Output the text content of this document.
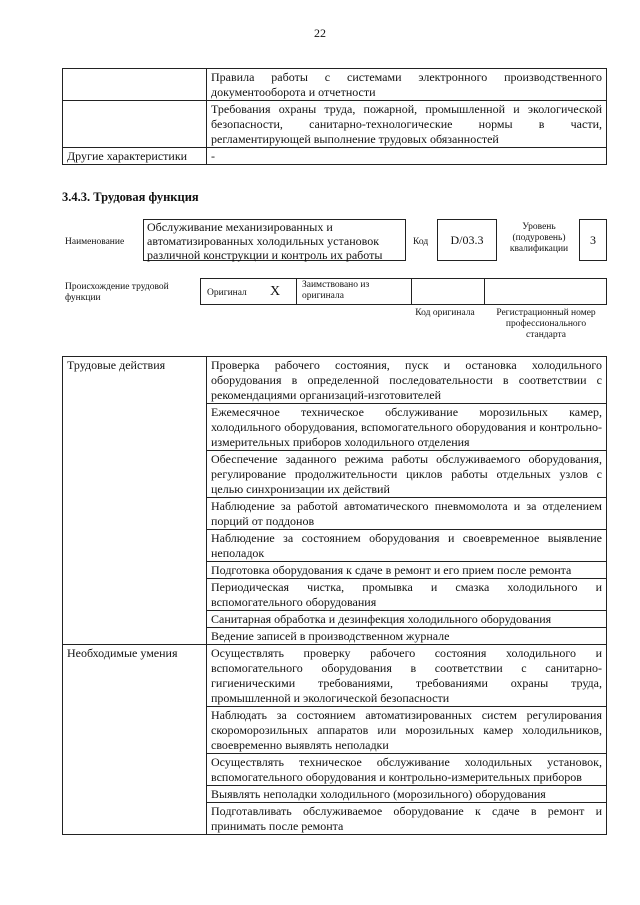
22
	Правила работы с системами электронного производственного документооборота и отчетности
	Требования охраны труда, пожарной, промышленной и экологической безопасности, санитарно-технологические нормы в части, регламентирующей выполнение трудовых обязанностей
Другие характеристики	-
3.4.3. Трудовая функция
Наименование
Обслуживание механизированных и автоматизированных холодильных установок различной конструкции и контроль их работы
Код	D/03.3
Уровень (подуровень) квалификации
3
Происхождение трудовой функции	Оригинал X Заимствовано из оригинала
Код оригинала	Регистрационный номер профессионального стандарта
Трудовые действия	Проверка рабочего состояния, пуск и остановка холодильного оборудования в определенной последовательности в соответствии с рекомендациями организаций-изготовителей
	Ежемесячное техническое обслуживание морозильных камер, холодильного оборудования, вспомогательного оборудования и контрольно-измерительных приборов холодильного отделения
	Обеспечение заданного режима работы обслуживаемого оборудования, регулирование продолжительности циклов работы отдельных узлов с целью синхронизации их действий
	Наблюдение за работой автоматического пневмомолота и за отделением порций от поддонов
	Наблюдение за состоянием оборудования и своевременное выявление неполадок
	Подготовка оборудования к сдаче в ремонт и его прием после ремонта
	Периодическая чистка, промывка и смазка холодильного и вспомогательного оборудования
	Санитарная обработка и дезинфекция холодильного оборудования
	Ведение записей в производственном журнале
Необходимые умения	Осуществлять проверку рабочего состояния холодильного и вспомогательного оборудования в соответствии с санитарно-гигиеническими требованиями, требованиями охраны труда, промышленной и экологической безопасности
	Наблюдать за состоянием автоматизированных систем регулирования скороморозильных аппаратов или морозильных камер холодильников, своевременно выявлять неполадки
	Осуществлять техническое обслуживание холодильных установок, вспомогательного оборудования и контрольно-измерительных приборов
	Выявлять неполадки холодильного (морозильного) оборудования
	Подготавливать обслуживаемое оборудование к сдаче в ремонт и принимать после ремонта
